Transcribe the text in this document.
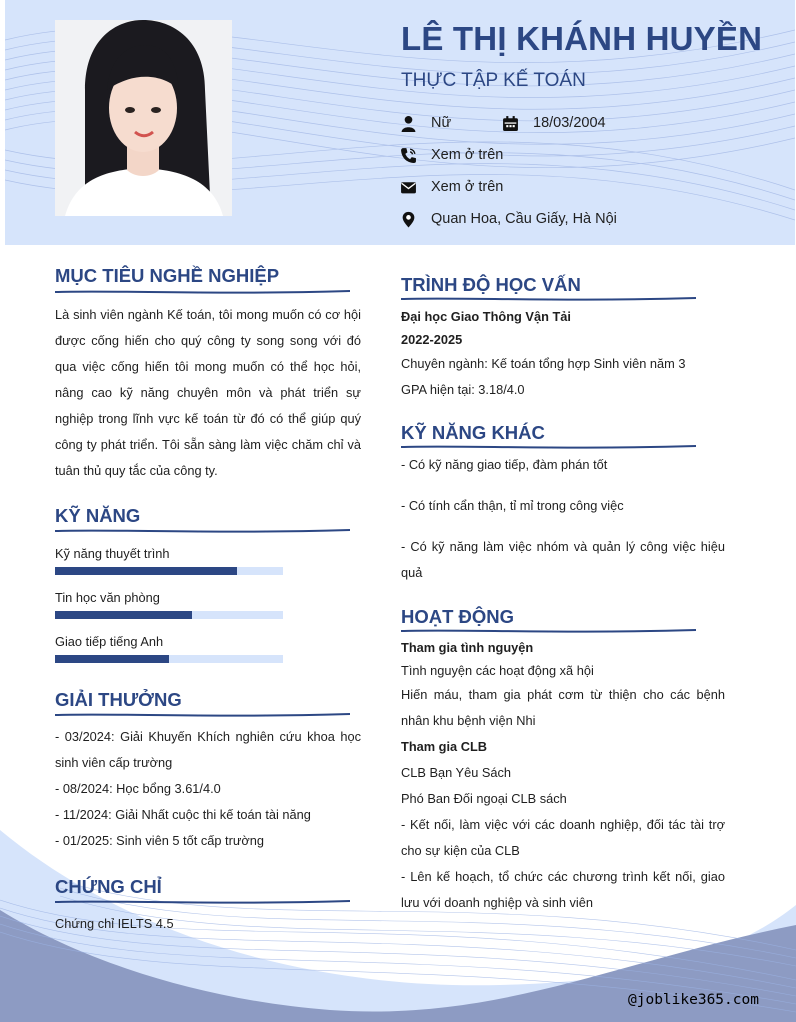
LÊ THỊ KHÁNH HUYỀN
THỰC TẬP KẾ TOÁN
Nữ	18/03/2004
Xem ở trên
Xem ở trên
Quan Hoa, Cầu Giấy, Hà Nội
MỤC TIÊU NGHỀ NGHIỆP
Là sinh viên ngành Kế toán, tôi mong muốn có cơ hội được cống hiến cho quý công ty song song với đó qua việc cống hiến tôi mong muốn có thể học hỏi, nâng cao kỹ năng chuyên môn và phát triển sự nghiệp trong lĩnh vực kế toán từ đó có thể giúp quý công ty phát triển. Tôi sẵn sàng làm việc chăm chỉ và tuân thủ quy tắc của công ty.
KỸ NĂNG
Kỹ năng thuyết trình
Tin học văn phòng
Giao tiếp tiếng Anh
GIẢI THƯỞNG
- 03/2024: Giải Khuyến Khích nghiên cứu khoa học sinh viên cấp trường
- 08/2024: Học bổng 3.61/4.0
- 11/2024: Giải Nhất cuộc thi kế toán tài năng
- 01/2025: Sinh viên 5 tốt cấp trường
CHỨNG CHỈ
Chứng chỉ IELTS 4.5
TRÌNH ĐỘ HỌC VẤN
Đại học Giao Thông Vận Tải
2022-2025
Chuyên ngành: Kế toán tổng hợp Sinh viên năm 3
GPA hiện tại: 3.18/4.0
KỸ NĂNG KHÁC
- Có kỹ năng giao tiếp, đàm phán tốt
- Có tính cẩn thận, tỉ mỉ trong công việc
- Có kỹ năng làm việc nhóm và quản lý công việc hiệu quả
HOẠT ĐỘNG
Tham gia tình nguyện
Tình nguyện các hoạt động xã hội
Hiến máu, tham gia phát cơm từ thiện cho các bệnh nhân khu bệnh viện Nhi
Tham gia CLB
CLB Bạn Yêu Sách
Phó Ban Đối ngoại CLB sách
- Kết nối, làm việc với các doanh nghiệp, đối tác tài trợ cho sự kiện của CLB
- Lên kế hoạch, tổ chức các chương trình kết nối, giao lưu với doanh nghiệp và sinh viên
@joblike365.com
